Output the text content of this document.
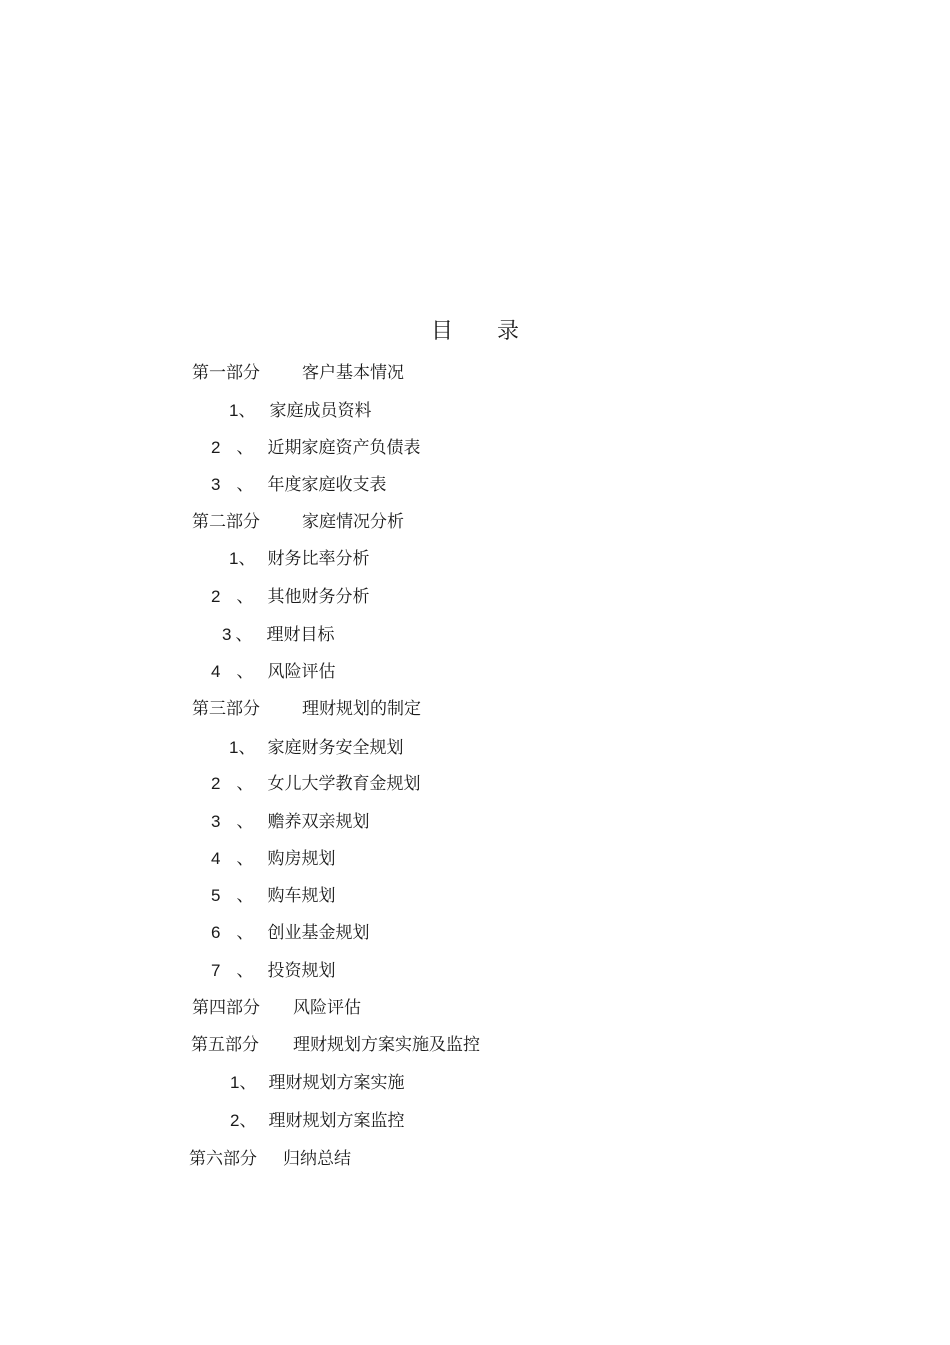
目 录
第一部分 客户基本情况
1、 家庭成员资料
2 、 近期家庭资产负债表
3 、 年度家庭收支表
第二部分 家庭情况分析
1、 财务比率分析
2 、 其他财务分析
3 、 理财目标
4 、 风险评估
第三部分 理财规划的制定
1、 家庭财务安全规划
2 、 女儿大学教育金规划
3 、 赡养双亲规划
4 、 购房规划
5 、 购车规划
6 、 创业基金规划
7 、 投资规划
第四部分 风险评估
第五部分 理财规划方案实施及监控
1、 理财规划方案实施
2、 理财规划方案监控
第六部分 归纳总结
